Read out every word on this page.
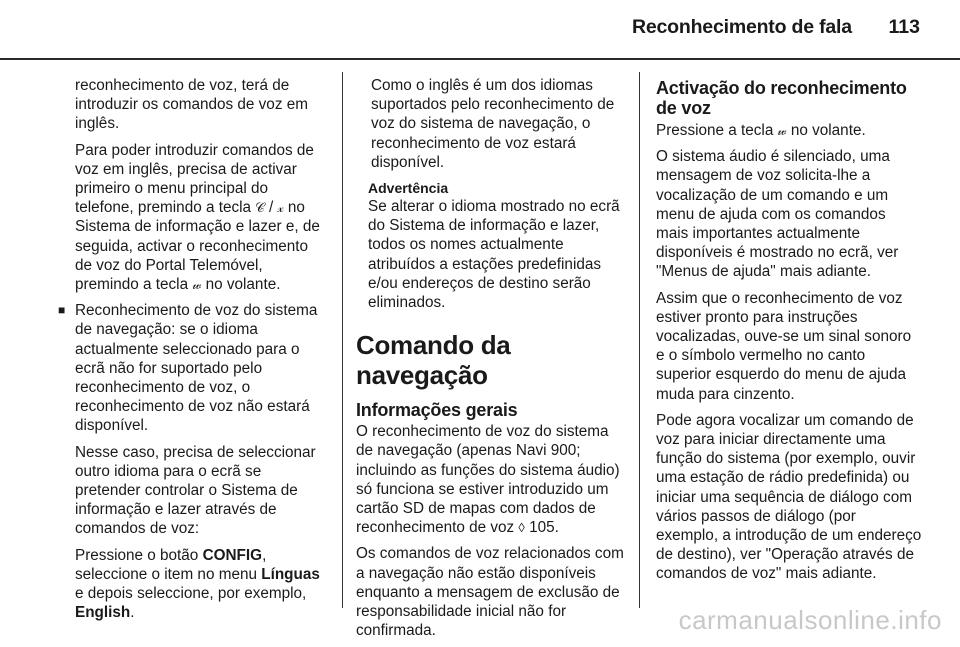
Reconhecimento de fala 113

reconhecimento de voz, terá de introduzir os comandos de voz em inglês.

Para poder introduzir comandos de voz em inglês, precisa de activar primeiro o menu principal do telefone, premindo a tecla 𝒞 / 𝓍 no Sistema de informação e lazer e, de seguida, activar o reconhecimento de voz do Portal Telemóvel, premindo a tecla 𝓌 no volante.

■ Reconhecimento de voz do sistema de navegação: se o idioma actualmente seleccionado para o ecrã não for suportado pelo reconhecimento de voz, o reconhecimento de voz não estará disponível.

Nesse caso, precisa de seleccionar outro idioma para o ecrã se pretender controlar o Sistema de informação e lazer através de comandos de voz:

Pressione o botão CONFIG, seleccione o item no menu Línguas e depois seleccione, por exemplo, English.

Como o inglês é um dos idiomas suportados pelo reconhecimento de voz do sistema de navegação, o reconhecimento de voz estará disponível.

Advertência

Se alterar o idioma mostrado no ecrã do Sistema de informação e lazer, todos os nomes actualmente atribuídos a estações predefinidas e/ou endereços de destino serão eliminados.

Comando da navegação
Informações gerais

O reconhecimento de voz do sistema de navegação (apenas Navi 900; incluindo as funções do sistema áudio) só funciona se estiver introduzido um cartão SD de mapas com dados de reconhecimento de voz ◊ 105.

Os comandos de voz relacionados com a navegação não estão disponíveis enquanto a mensagem de exclusão de responsabilidade inicial não for confirmada.

Activação do reconhecimento de voz

Pressione a tecla 𝓌 no volante.

O sistema áudio é silenciado, uma mensagem de voz solicita-lhe a vocalização de um comando e um menu de ajuda com os comandos mais importantes actualmente disponíveis é mostrado no ecrã, ver "Menus de ajuda" mais adiante.

Assim que o reconhecimento de voz estiver pronto para instruções vocalizadas, ouve-se um sinal sonoro e o símbolo vermelho no canto superior esquerdo do menu de ajuda muda para cinzento.

Pode agora vocalizar um comando de voz para iniciar directamente uma função do sistema (por exemplo, ouvir uma estação de rádio predefinida) ou iniciar uma sequência de diálogo com vários passos de diálogo (por exemplo, a introdução de um endereço de destino), ver "Operação através de comandos de voz" mais adiante.

carmanualsonline.info
